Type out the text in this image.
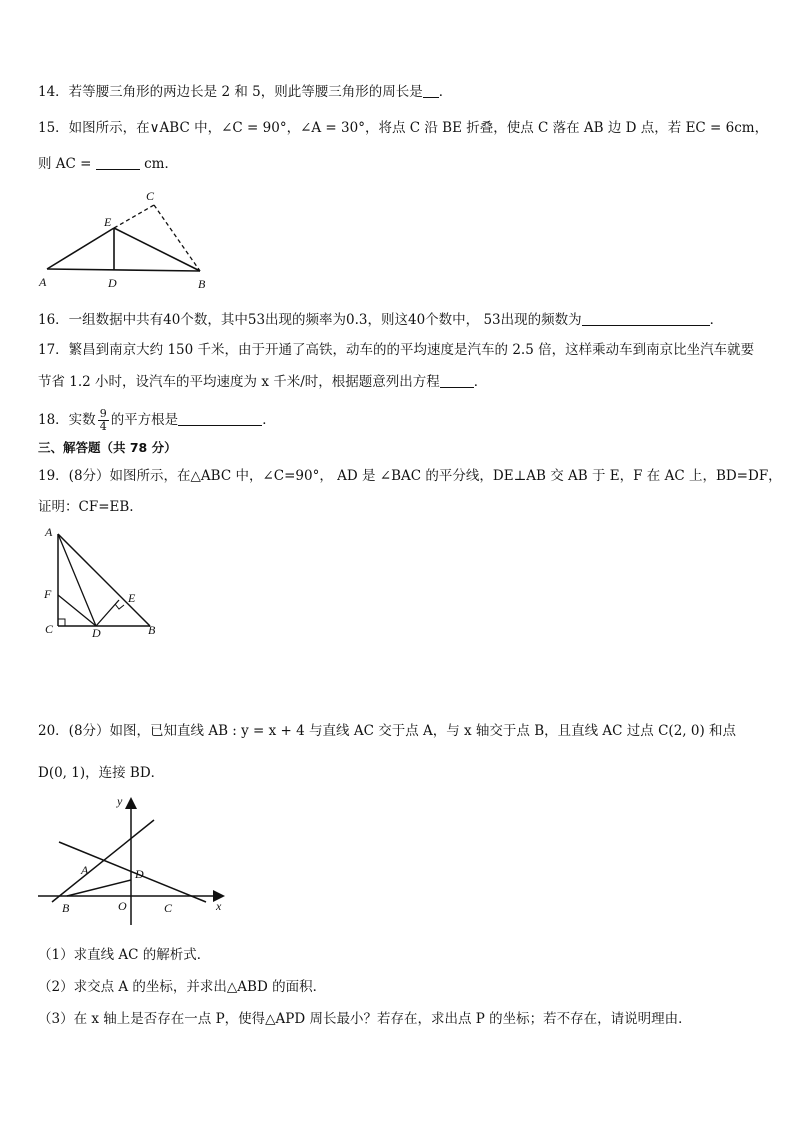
14．若等腰三角形的两边长是 2 和 5，则此等腰三角形的周长是 ．
15．如图所示，在∨ABC 中，∠C = 90°，∠A = 30°，将点 C 沿 BE 折叠，使点 C 落在 AB 边 D 点，若 EC = 6cm，
则 AC =	cm．
C
E
A	D	B
16．一组数据中共有40个数，其中53出现的频率为0.3，则这40个数中， 53出现的频数为	．
17．繁昌到南京大约 150 千米，由于开通了高铁，动车的的平均速度是汽车的 2.5 倍，这样乘动车到南京比坐汽车就要
节省 1.2 小时，设汽车的平均速度为 x 千米/时，根据题意列出方程	．
18．实数 $\frac{9}{4}$ 的平方根是	．
三、解答题（共 78 分）
19．(8分）如图所示，在△ABC 中，∠C=90°， AD 是 ∠BAC 的平分线，DE⊥AB 交 AB 于 E，F 在 AC 上，BD=DF，
证明：CF=EB.
A
F	E
C	D	B
20．(8分）如图，已知直线 AB : y = x + 4 与直线 AC 交于点 A，与 x 轴交于点 B，且直线 AC 过点 C(2, 0) 和点
D(0, 1)，连接 BD．
y
A	D
B	O	C	x
（1）求直线 AC 的解析式．
（2）求交点 A 的坐标，并求出△ABD 的面积．
（3）在 x 轴上是否存在一点 P，使得△APD 周长最小？若存在，求出点 P 的坐标；若不存在，请说明理由．
